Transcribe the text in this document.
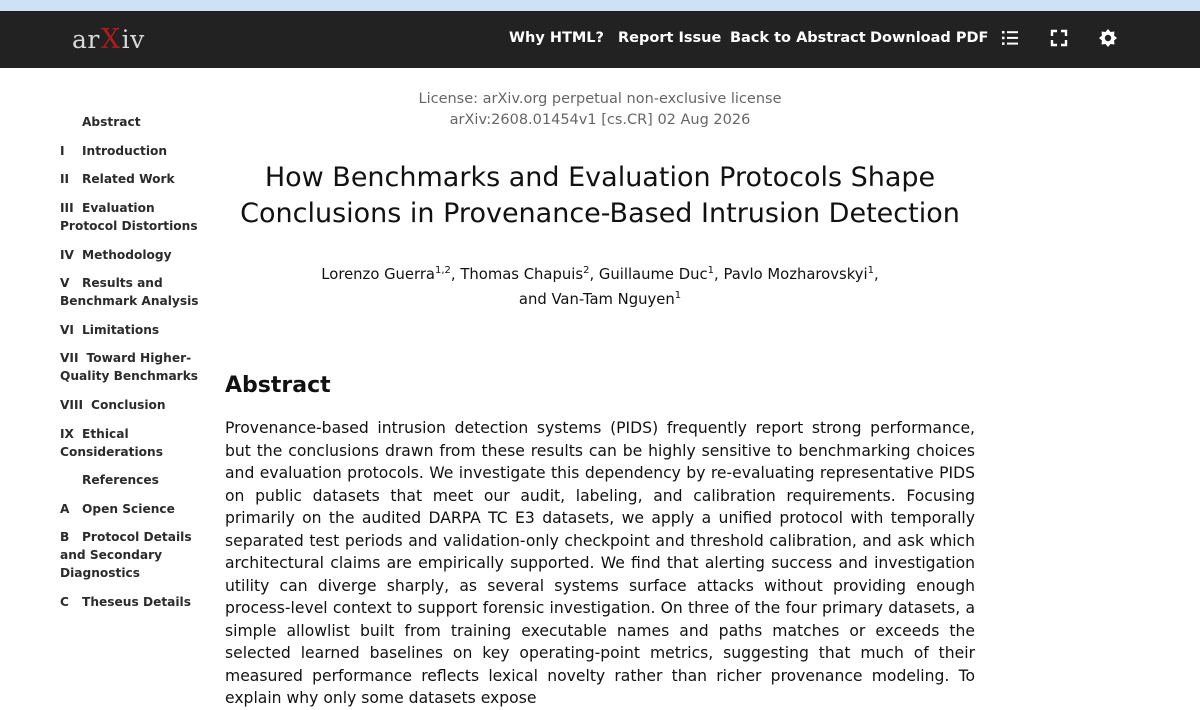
ar X iv	Why HTML? Report Issue Back to Abstract Download PDF
Abstract
I Introduction
II Related Work
III Evaluation Protocol Distortions
IV Methodology
V Results and Benchmark Analysis
VI Limitations
VII Toward Higher-Quality Benchmarks
VIII Conclusion
IX Ethical Considerations
References
A Open Science
B Protocol Details and Secondary Diagnostics
C Theseus Details
License: arXiv.org perpetual non-exclusive license
arXiv:2608.01454v1 [cs.CR] 02 Aug 2026
How Benchmarks and Evaluation Protocols Shape
Conclusions in Provenance-Based Intrusion Detection
Lorenzo Guerra$^{1,2}$, Thomas Chapuis$^2$, Guillaume Duc$^1$, Pavlo Mozharovskyi$^1$,
and Van-Tam Nguyen$^1$
Abstract

Provenance-based intrusion detection systems (PIDS) frequently report strong performance, but the conclusions drawn from these results can be highly sensitive to benchmarking choices and evaluation protocols. We investigate this dependency by re-evaluating representative PIDS on public datasets that meet our audit, labeling, and calibration requirements. Focusing primarily on the audited DARPA TC E3 datasets, we apply a unified protocol with temporally separated test periods and validation-only checkpoint and threshold calibration, and ask which architectural claims are empirically supported. We find that alerting success and investigation utility can diverge sharply, as several systems surface attacks without providing enough process-level context to support forensic investigation. On three of the four primary datasets, a simple allowlist built from training executable names and paths matches or exceeds the selected learned baselines on key operating-point metrics, suggesting that much of their measured performance reflects lexical novelty rather than richer provenance modeling. To explain why only some datasets expose
